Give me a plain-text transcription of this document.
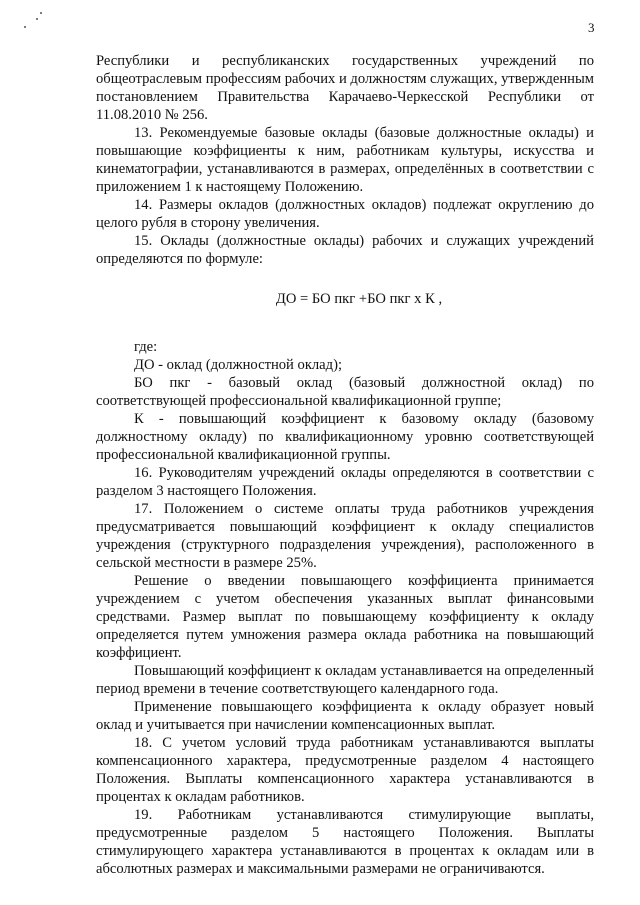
3

Республики и республиканских государственных учреждений по общеотраслевым профессиям рабочих и должностям служащих, утвержденным постановлением Правительства Карачаево-Черкесской Республики от 11.08.2010 № 256.

13. Рекомендуемые базовые оклады (базовые должностные оклады) и повышающие коэффициенты к ним, работникам культуры, искусства и кинематографии, устанавливаются в размерах, определённых в соответствии с приложением 1 к настоящему Положению.

14. Размеры окладов (должностных окладов) подлежат округлению до целого рубля в сторону увеличения.

15. Оклады (должностные оклады) рабочих и служащих учреждений определяются по формуле:

ДО = БО пкг +БО пкг х К ,

где:

ДО - оклад (должностной оклад);

БО пкг - базовый оклад (базовый должностной оклад) по соответствующей профессиональной квалификационной группе;

К - повышающий коэффициент к базовому окладу (базовому должностному окладу) по квалификационному уровню соответствующей профессиональной квалификационной группы.

16. Руководителям учреждений оклады определяются в соответствии с разделом 3 настоящего Положения.

17. Положением о системе оплаты труда работников учреждения предусматривается повышающий коэффициент к окладу специалистов учреждения (структурного подразделения учреждения), расположенного в сельской местности в размере 25%.

Решение о введении повышающего коэффициента принимается учреждением с учетом обеспечения указанных выплат финансовыми средствами. Размер выплат по повышающему коэффициенту к окладу определяется путем умножения размера оклада работника на повышающий коэффициент.

Повышающий коэффициент к окладам устанавливается на определенный период времени в течение соответствующего календарного года.

Применение повышающего коэффициента к окладу образует новый оклад и учитывается при начислении компенсационных выплат.

18. С учетом условий труда работникам устанавливаются выплаты компенсационного характера, предусмотренные разделом 4 настоящего Положения. Выплаты компенсационного характера устанавливаются в процентах к окладам работников.

19. Работникам устанавливаются стимулирующие выплаты, предусмотренные разделом 5 настоящего Положения. Выплаты стимулирующего характера устанавливаются в процентах к окладам или в абсолютных размерах и максимальными размерами не ограничиваются.
